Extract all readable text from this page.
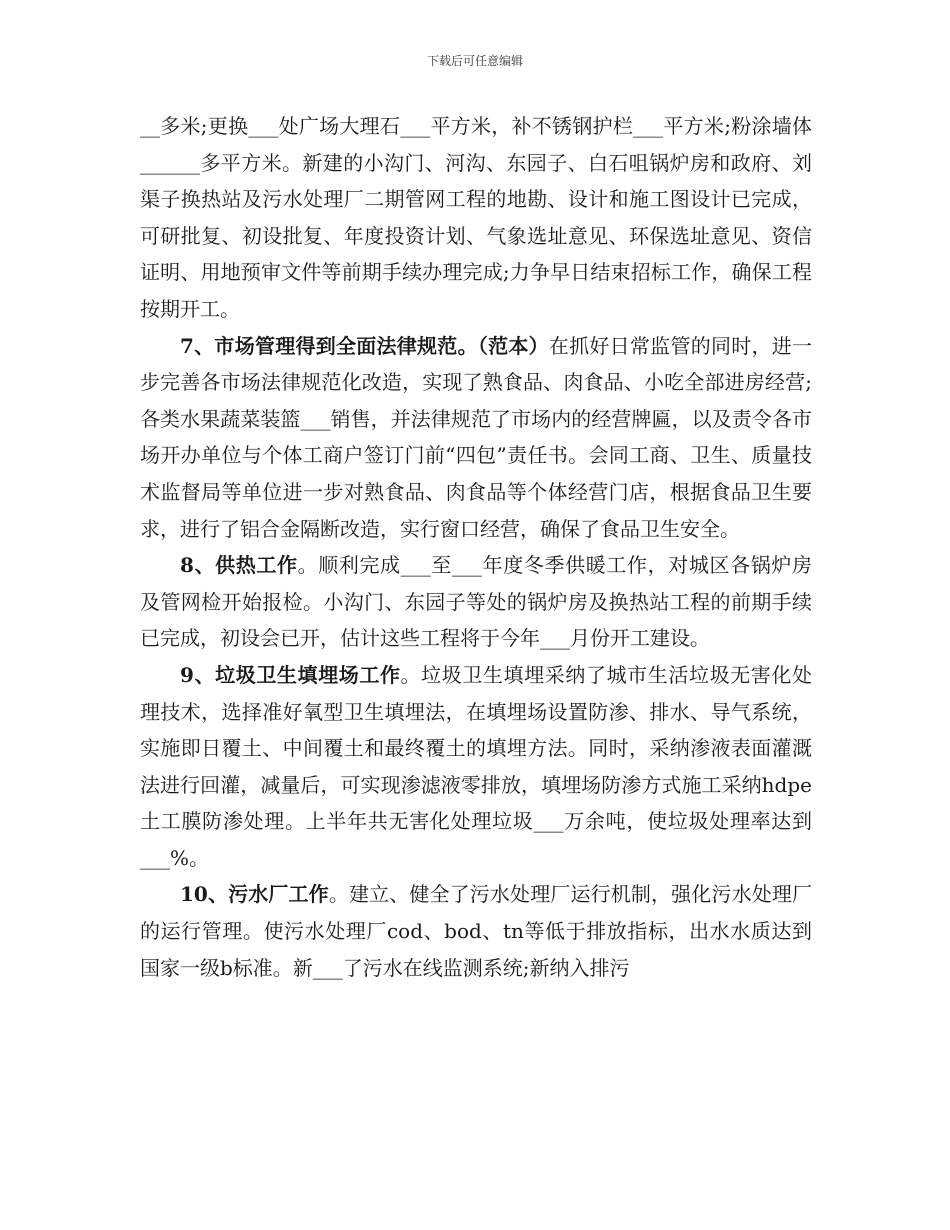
下载后可任意编辑

__多米;更换___处广场大理石___平方米，补不锈钢护栏___平方米;粉涂墙体______多平方米。新建的小沟门、河沟、东园子、白石咀锅炉房和政府、刘渠子换热站及污水处理厂二期管网工程的地勘、设计和施工图设计已完成，可研批复、初设批复、年度投资计划、气象选址意见、环保选址意见、资信证明、用地预审文件等前期手续办理完成;力争早日结束招标工作，确保工程按期开工。

7、市场管理得到全面法律规范。（范本）在抓好日常监管的同时，进一步完善各市场法律规范化改造，实现了熟食品、肉食品、小吃全部进房经营;各类水果蔬菜装篮___销售，并法律规范了市场内的经营牌匾，以及责令各市场开办单位与个体工商户签订门前“四包”责任书。会同工商、卫生、质量技术监督局等单位进一步对熟食品、肉食品等个体经营门店，根据食品卫生要求，进行了铝合金隔断改造，实行窗口经营，确保了食品卫生安全。

8、供热工作。顺利完成___至___年度冬季供暖工作，对城区各锅炉房及管网检开始报检。小沟门、东园子等处的锅炉房及换热站工程的前期手续已完成，初设会已开，估计这些工程将于今年___月份开工建设。

9、垃圾卫生填埋场工作。垃圾卫生填埋采纳了城市生活垃圾无害化处理技术，选择准好氧型卫生填埋法，在填埋场设置防渗、排水、导气系统，实施即日覆土、中间覆土和最终覆土的填埋方法。同时，采纳渗液表面灌溉法进行回灌，减量后，可实现渗滤液零排放，填埋场防渗方式施工采纳hdpe土工膜防渗处理。上半年共无害化处理垃圾___万余吨，使垃圾处理率达到___%。

10、污水厂工作。建立、健全了污水处理厂运行机制，强化污水处理厂的运行管理。使污水处理厂cod、bod、tn等低于排放指标，出水水质达到国家一级b标准。新___了污水在线监测系统;新纳入排污
